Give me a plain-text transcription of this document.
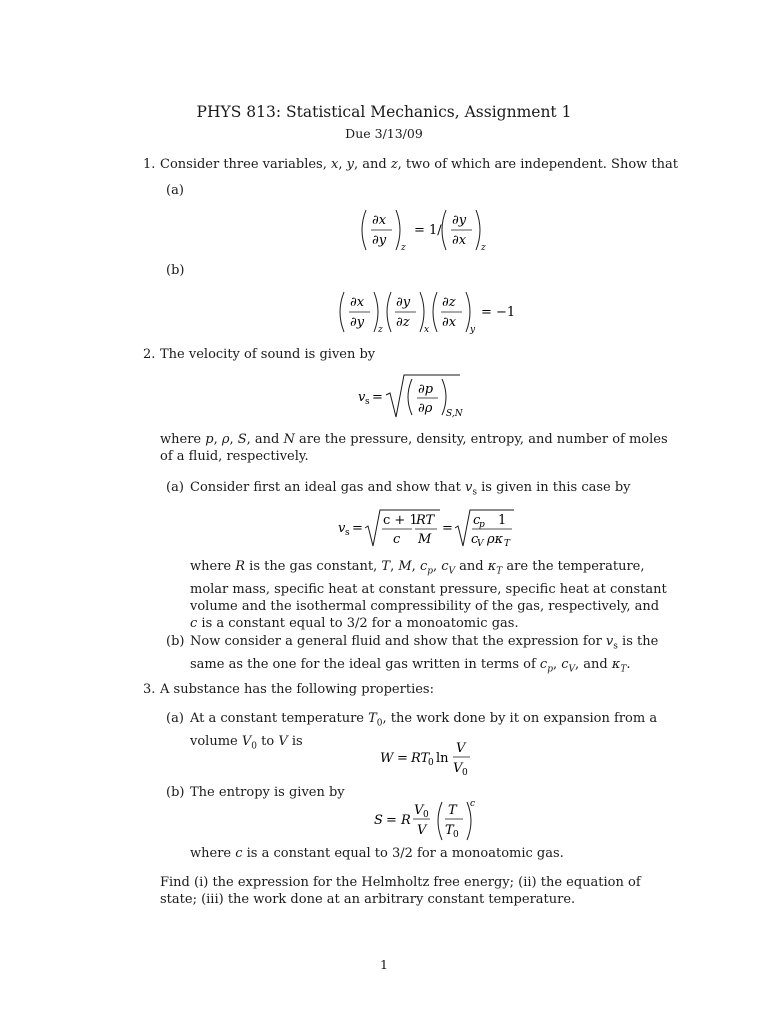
PHYS 813: Statistical Mechanics, Assignment 1
Due 3/13/09
1. Consider three variables, x, y, and z, two of which are independent. Show that
(a)
∂x
∂y z
= 1/
∂y
∂x z
(b)
∂x
∂y z
∂y
∂z x
∂z
∂x y
= −1
2. The velocity of sound is given by
v s =
∂p
∂ρ S,N
where p, ρ, S, and N are the pressure, density, entropy, and number of moles of a fluid, respectively.
(a) Consider first an ideal gas and show that $v_s$ is given in this case by
v s =
c + 1
c
RT
M
=
c
p 1
c
V ρκ T
where R is the gas constant, T, M, $c_p$, $c_V$ and $\kappa_T$ are the temperature, molar mass, specific heat at constant pressure, specific heat at constant volume and the isothermal compressibility of the gas, respectively, and c is a constant equal to 3/2 for a monoatomic gas.
(b) Now consider a general fluid and show that the expression for $v_s$ is the same as the one for the ideal gas written in terms of $c_p$, $c_V$, and $\kappa_T$.
3. A substance has the following properties:
(a) At a constant temperature $T_0$, the work done by it on expansion from a volume $V_0$ to V is
W = RT
0 ln
V
V 0
(b) The entropy is given by
S = R
V 0
V
T
T 0
c
where c is a constant equal to 3/2 for a monoatomic gas.
Find (i) the expression for the Helmholtz free energy; (ii) the equation of state; (iii) the work done at an arbitrary constant temperature.
1
